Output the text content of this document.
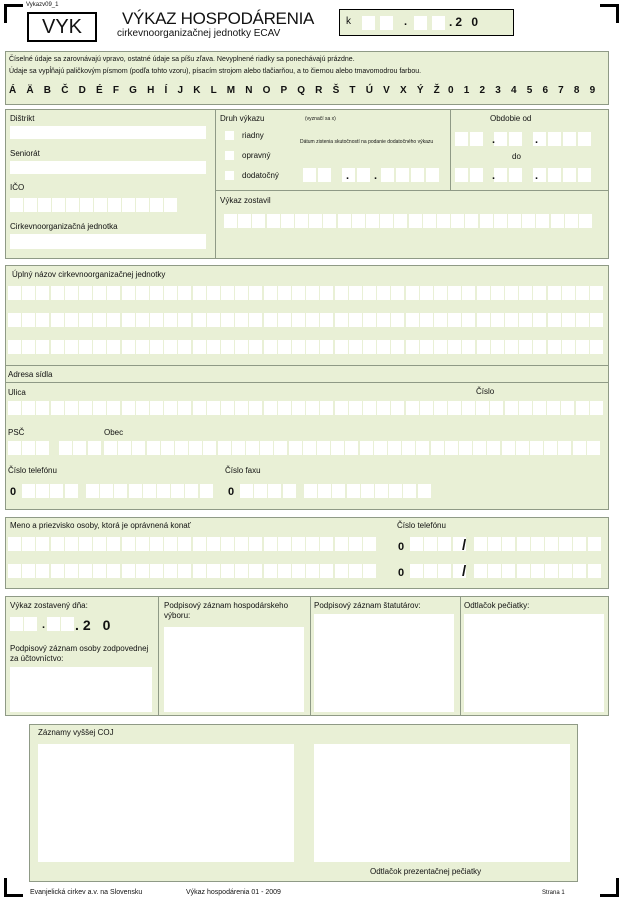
Vykazv09_1
VYK	VÝKAZ HOSPODÁRENIA
cirkevnoorganizačnej jednotky ECAV
k	.	.2 0
Číselné údaje sa zarovnávajú vpravo, ostatné údaje sa píšu zľava. Nevyplnené riadky sa ponechávajú prázdne.
Údaje sa vypĺňajú paličkovým písmom (podľa tohto vzoru), písacím strojom alebo tlačiarňou, a to čiernou alebo tmavomodrou farbou.
Á Ä B Č D É F G H Í J K L M N O P Q R Š T Ú V X Ý Ž 0 1 2 3 4 5 6 7 8 9
Dištrikt
Seniorát
IČO
Cirkevnoorganizačná jednotka
Druh výkazu	(vyznačí sa x)
riadny
opravný
dodatočný
Dátum zistenia skutočností na podanie dodatočného výkazu
. .
Obdobie od
.	.
do
.	.
Výkaz zostavil
Úplný názov cirkevnoorganizačnej jednotky
Adresa sídla
Ulica	Číslo
PSČ	Obec
Číslo telefónu	Číslo faxu
0	0
Meno a priezvisko osoby, ktorá je oprávnená konať	Číslo telefónu
0	/
0	/
Výkaz zostavený dňa:
. .2 0
Podpisový záznam osoby zodpovednej za účtovníctvo:
Podpisový záznam hospodárskeho výboru:
Podpisový záznam štatutárov:	Odtlačok pečiatky:
Záznamy vyššej COJ
Odtlačok prezentačnej pečiatky
Evanjelická cirkev a.v. na Slovensku	Výkaz hospodárenia 01 - 2009	Strana 1
